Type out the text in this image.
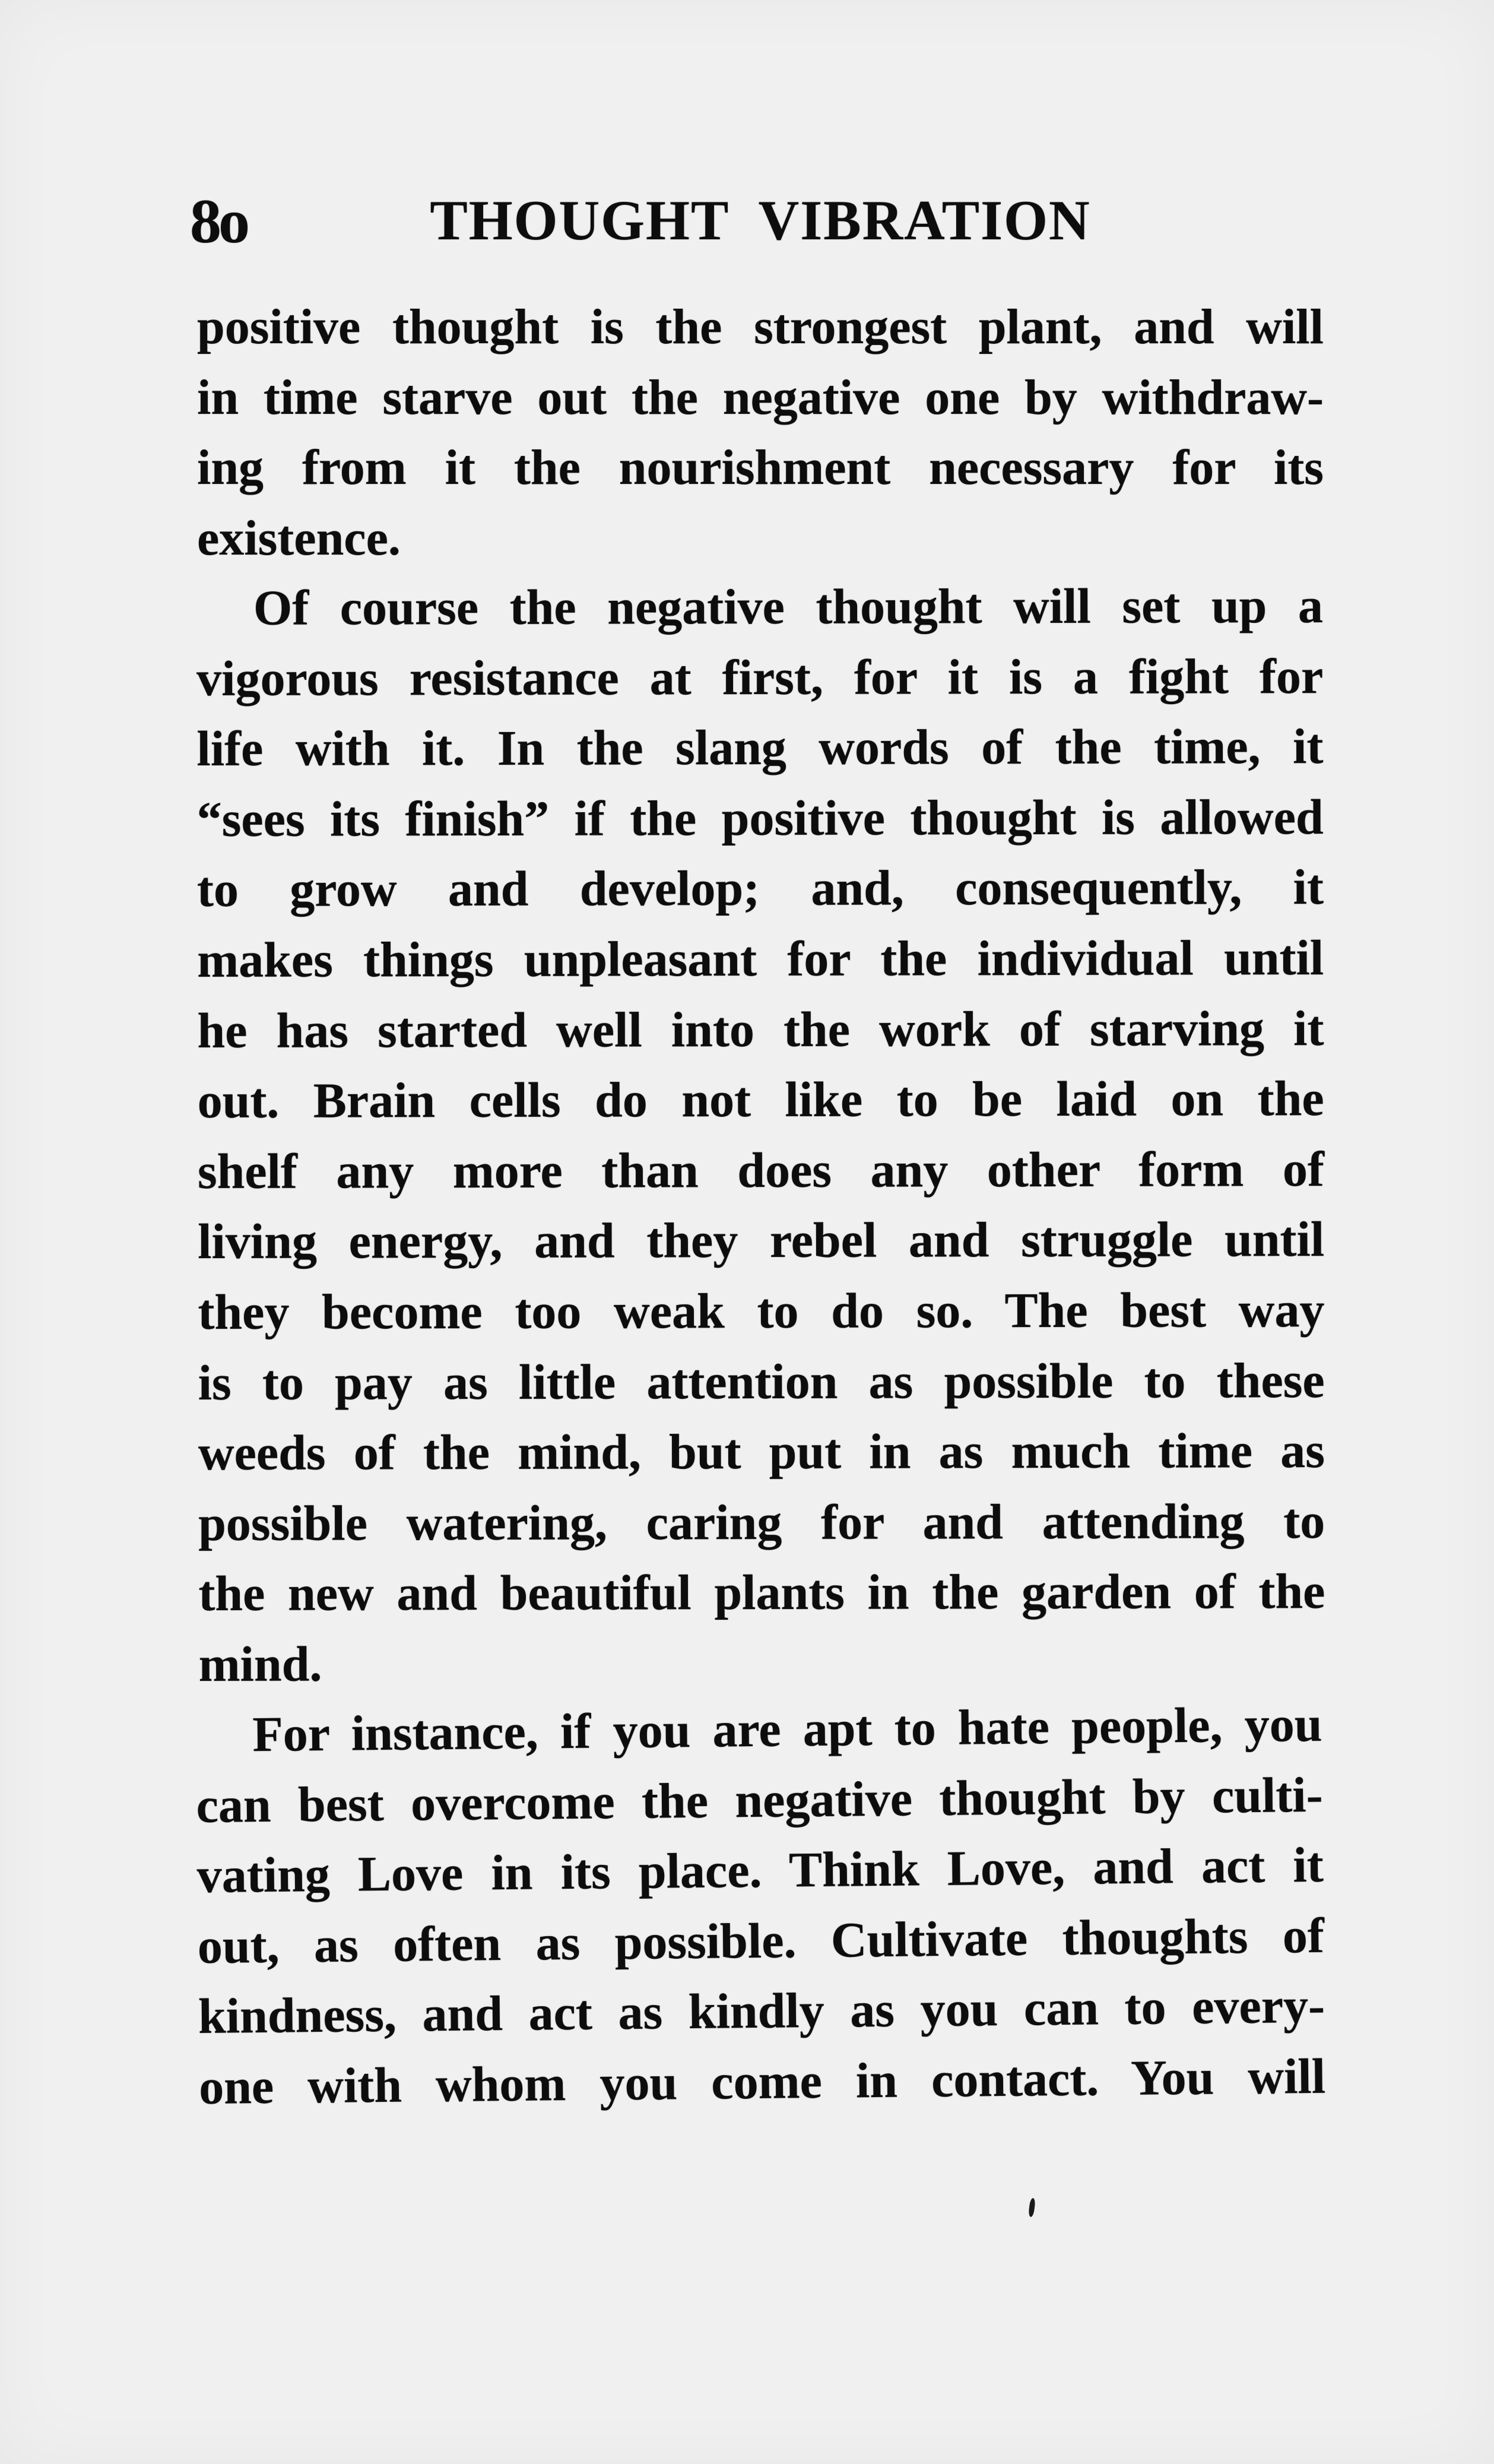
8o	THOUGHT VIBRATION
positive thought is the strongest plant, and will
in time starve out the negative one by withdraw-
ing from it the nourishment necessary for its
existence.
Of course the negative thought will set up a
vigorous resistance at first, for it is a fight for
life with it. In the slang words of the time, it
“sees its finish” if the positive thought is allowed
to grow and develop; and, consequently, it
makes things unpleasant for the individual until
he has started well into the work of starving it
out. Brain cells do not like to be laid on the
shelf any more than does any other form of
living energy, and they rebel and struggle until
they become too weak to do so. The best way
is to pay as little attention as possible to these
weeds of the mind, but put in as much time as
possible watering, caring for and attending to
the new and beautiful plants in the garden of the
mind.
For instance, if you are apt to hate people, you
can best overcome the negative thought by culti-
vating Love in its place. Think Love, and act it
out, as often as possible. Cultivate thoughts of
kindness, and act as kindly as you can to every-
one with whom you come in contact. You will
